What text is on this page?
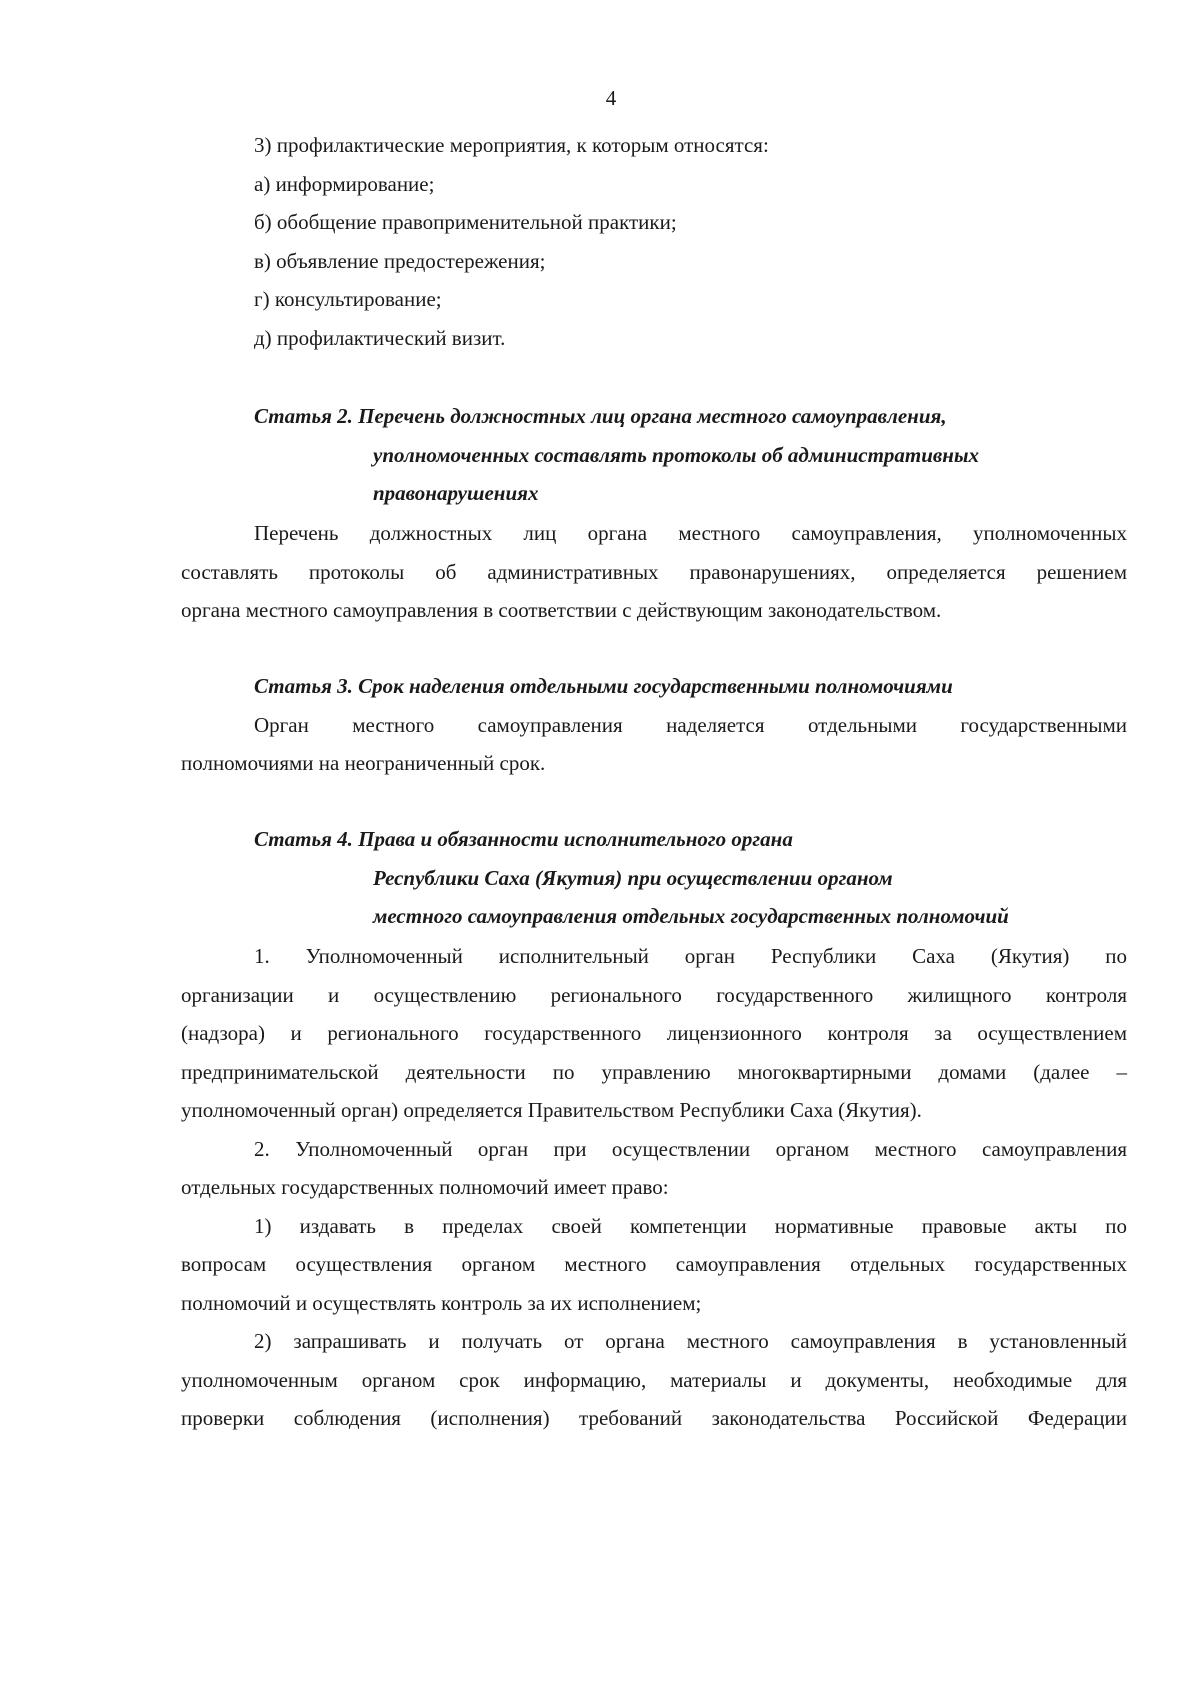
4
3) профилактические мероприятия, к которым относятся:
а) информирование;
б) обобщение правоприменительной практики;
в) объявление предостережения;
г) консультирование;
д) профилактический визит.
Статья 2. Перечень должностных лиц органа местного самоуправления,
уполномоченных составлять протоколы об административных
правонарушениях
Перечень должностных лиц органа местного самоуправления, уполномоченных
составлять протоколы об административных правонарушениях, определяется решением
органа местного самоуправления в соответствии с действующим законодательством.
Статья 3. Срок наделения отдельными государственными полномочиями
Орган местного самоуправления наделяется отдельными государственными
полномочиями на неограниченный срок.
Статья 4. Права и обязанности исполнительного органа
Республики Саха (Якутия) при осуществлении органом
местного самоуправления отдельных государственных полномочий
1. Уполномоченный исполнительный орган Республики Саха (Якутия) по
организации и осуществлению регионального государственного жилищного контроля
(надзора) и регионального государственного лицензионного контроля за осуществлением
предпринимательской деятельности по управлению многоквартирными домами (далее –
уполномоченный орган) определяется Правительством Республики Саха (Якутия).
2. Уполномоченный орган при осуществлении органом местного самоуправления
отдельных государственных полномочий имеет право:
1) издавать в пределах своей компетенции нормативные правовые акты по
вопросам осуществления органом местного самоуправления отдельных государственных
полномочий и осуществлять контроль за их исполнением;
2) запрашивать и получать от органа местного самоуправления в установленный
уполномоченным органом срок информацию, материалы и документы, необходимые для
проверки соблюдения (исполнения) требований законодательства Российской Федерации
